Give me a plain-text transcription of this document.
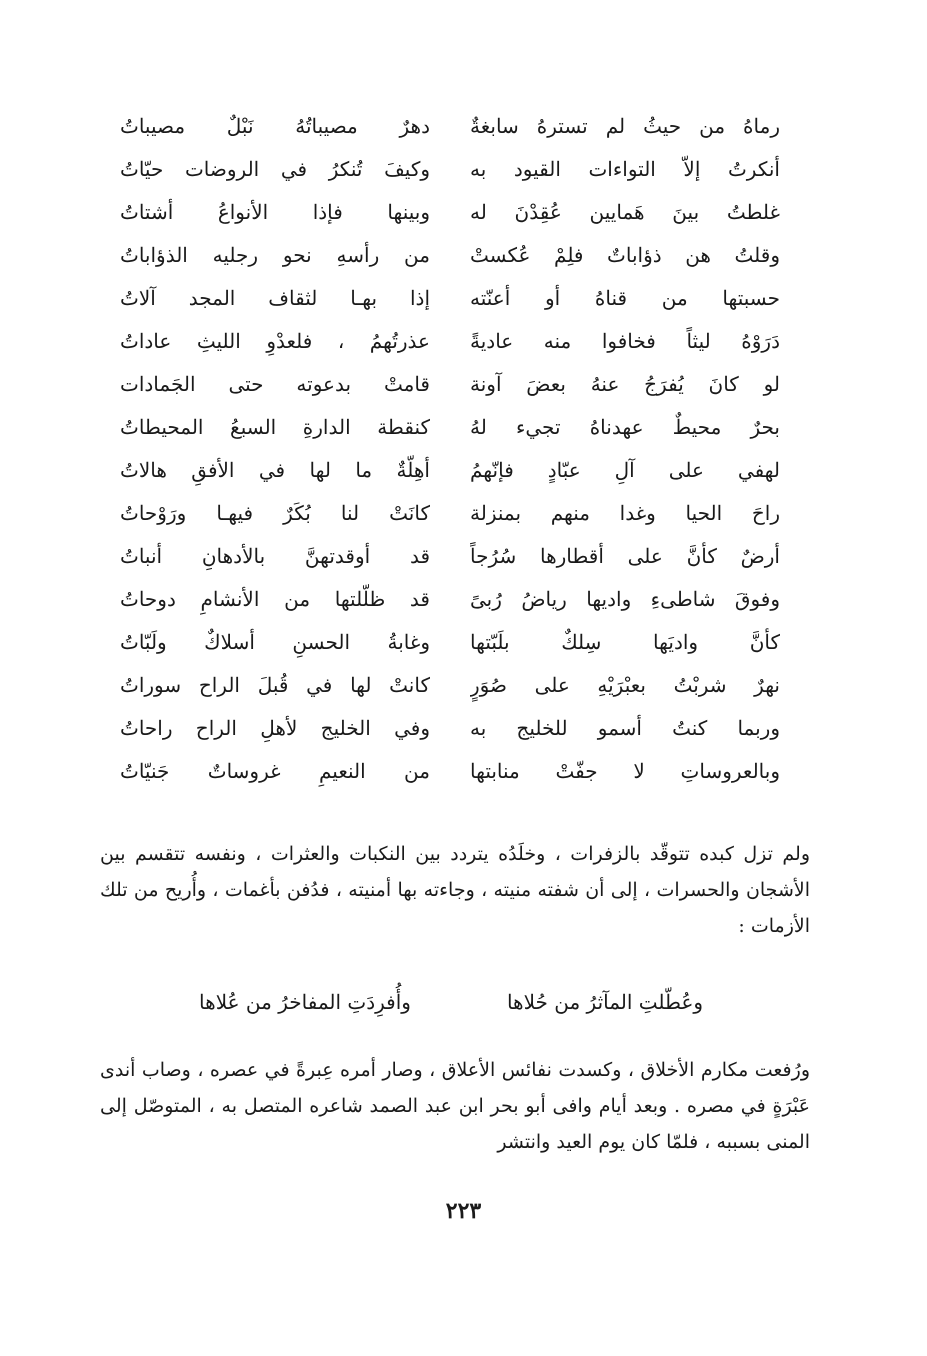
رماهُ من حيثُ لم تسترهُ سابغةٌ
دهرٌ مصيباتُهُ نَبْلٌ مصيباتُ
أنكرتُ إلاّ التواءات القيود به
وكيفَ تُنكرُ في الروضات حيّاتُ
غلطتُ بينَ هَمايين عُقِدْنَ له
وبينها فإذا الأنواعُ أشتاتُ
وقلتُ هن ذؤاباتٌ فلِمْ عُكستْ
من رأسهِ نحو رجليه الذؤاباتُ
حسبتها من قناهُ أو أعنّته
إذا بهـا لثقاف المجد آلاتُ
دَرَوْهُ ليثاً فخافوا منه عاديةً
عذرتُهمُ ، فلعدْوِ الليثِ عاداتُ
لو كانَ يُفرَجُ عنهُ بعضَ آونة
قامتْ بدعوته حتى الجَمادات
بحرٌ محيطٌ عهدناهُ تجيء لهُ
كنقطة الدارةِ السبعُ المحيطاتُ
لهفي على آلِ عبّادٍ فإنّهمُ
أهِلّةٌ ما لها في الأفقِ هالاتُ
راحَ الحيا وغدا منهم بمنزلة
كانَتْ لنا بُكَرٌ فيهـا ورَوْحاتُ
أرضٌ كأنَّ على أقطارها سُرُجاً
قد أوقدتهنَّ بالأدهانِ أنباتُ
وفوقَ شاطىءِ واديها رياضُ رُبىً
قد ظلّلتها من الأنشامِ دوحاتُ
كأنَّ واديَها سِلكٌ بلَبّتها
وغابةُ الحسنِ أسلاكٌ ولَبّاتُ
نهرٌ شربْتُ بعبْرَيْهِ على صُوَرٍ
كانتْ لها في قُبلَ الراح سوراتُ
وربما كنتُ أسمو للخليج به
وفي الخليج لأهلِ الراح راحاتُ
وبالعروساتِ لا جفّتْ منابتها
من النعيمِ غروساتٌ جَنيّاتُ

ولم تزل كبده تتوقّد بالزفرات ، وخلَدُه يتردد بين النكبات والعثرات ، ونفسه تتقسم بين الأشجان والحسرات ، إلى أن شفته منيته ، وجاءته بها أمنيته ، فدُفن بأغمات ، وأُريح من تلك الأزمات :

وعُطّلتِ المآثرُ من حُلاها
وأُفرِدَتِ المفاخرُ من عُلاها

ورُفعت مكارم الأخلاق ، وكسدت نفائس الأعلاق ، وصار أمره عِبرةً في عصره ، وصاب أندى عَبْرَةٍ في مصره . وبعد أيام وافى أبو بحر ابن عبد الصمد شاعره المتصل به ، المتوصّل إلى المنى بسببه ، فلمّا كان يوم العيد وانتشر

٢٢٣
